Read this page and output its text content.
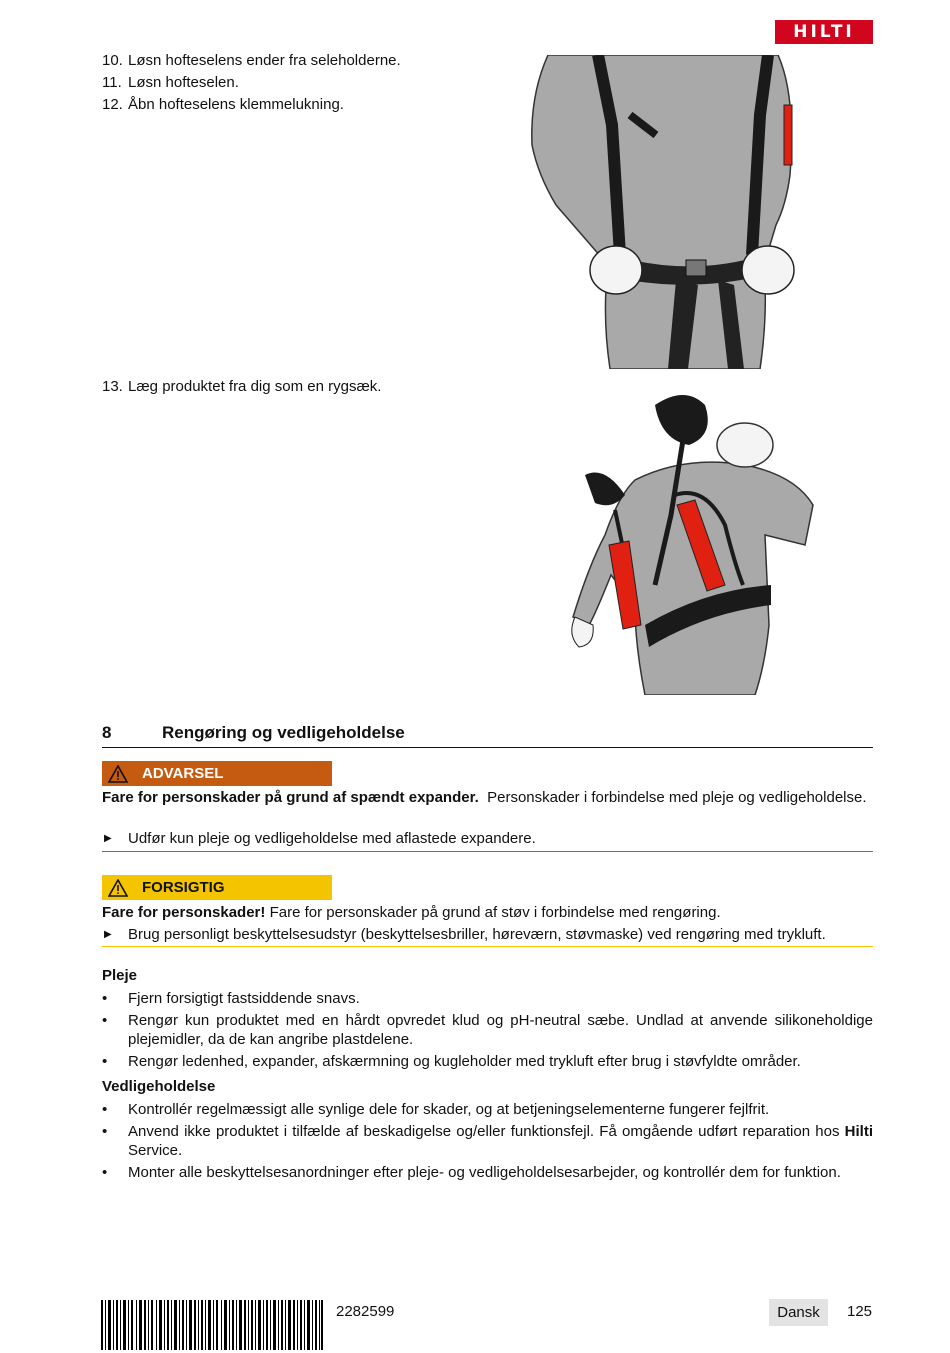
HILTI
10. Løsn hofteselens ender fra seleholderne.
11. Løsn hofteselen.
12. Åbn hofteselens klemmelukning.
13. Læg produktet fra dig som en rygsæk.
8	Rengøring og vedligeholdelse
ADVARSEL
Fare for personskader på grund af spændt expander. Personskader i forbindelse med pleje og vedligeholdelse.
▶ Udfør kun pleje og vedligeholdelse med aflastede expandere.
FORSIGTIG
Fare for personskader! Fare for personskader på grund af støv i forbindelse med rengøring.
▶ Brug personligt beskyttelsesudstyr (beskyttelsesbriller, høreværn, støvmaske) ved rengøring med trykluft.
Pleje
• Fjern forsigtigt fastsiddende snavs.
• Rengør kun produktet med en hårdt opvredet klud og pH-neutral sæbe. Undlad at anvende silikoneholdige plejemidler, da de kan angribe plastdelene.
• Rengør ledenhed, expander, afskærmning og kugleholder med trykluft efter brug i støvfyldte områder.
Vedligeholdelse
• Kontrollér regelmæssigt alle synlige dele for skader, og at betjeningselementerne fungerer fejlfrit.
• Anvend ikke produktet i tilfælde af beskadigelse og/eller funktionsfejl. Få omgående udført reparation hos Hilti Service.
• Monter alle beskyttelsesanordninger efter pleje- og vedligeholdelsesarbejder, og kontrollér dem for funktion.
2282599	Dansk	125
